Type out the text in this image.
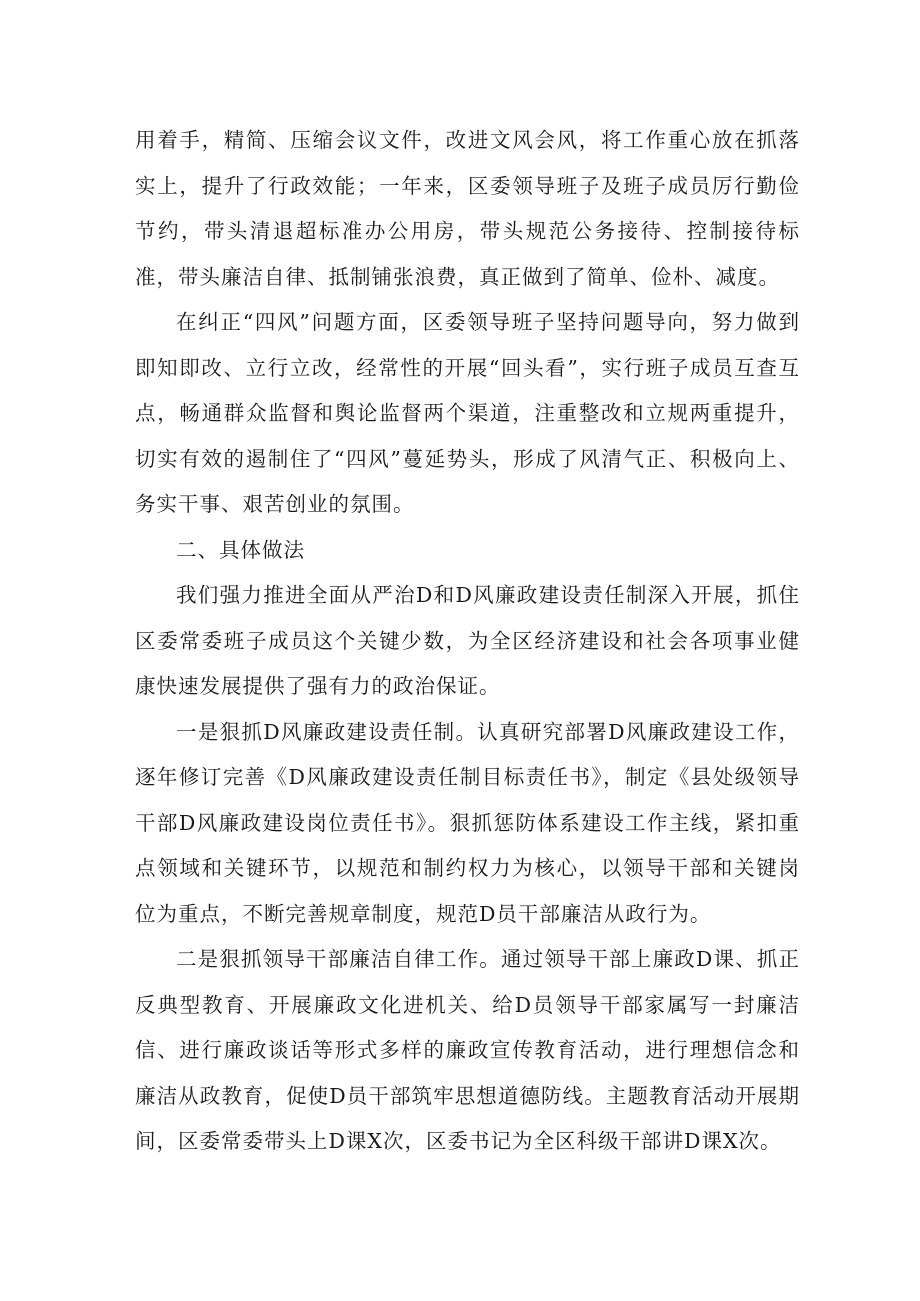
用着手，精简、压缩会议文件，改进文风会风，将工作重心放在抓落实上，提升了行政效能；一年来，区委领导班子及班子成员厉行勤俭节约，带头清退超标准办公用房，带头规范公务接待、控制接待标准，带头廉洁自律、抵制铺张浪费，真正做到了简单、俭朴、减度。

在纠正“四风”问题方面，区委领导班子坚持问题导向，努力做到即知即改、立行立改，经常性的开展“回头看”，实行班子成员互查互点，畅通群众监督和舆论监督两个渠道，注重整改和立规两重提升，切实有效的遏制住了“四风”蔓延势头，形成了风清气正、积极向上、务实干事、艰苦创业的氛围。

二、具体做法

我们强力推进全面从严治D和D风廉政建设责任制深入开展，抓住区委常委班子成员这个关键少数，为全区经济建设和社会各项事业健康快速发展提供了强有力的政治保证。

一是狠抓D风廉政建设责任制。认真研究部署D风廉政建设工作，逐年修订完善《D风廉政建设责任制目标责任书》，制定《县处级领导干部D风廉政建设岗位责任书》。狠抓惩防体系建设工作主线，紧扣重点领域和关键环节，以规范和制约权力为核心，以领导干部和关键岗位为重点，不断完善规章制度，规范D员干部廉洁从政行为。

二是狠抓领导干部廉洁自律工作。通过领导干部上廉政D课、抓正反典型教育、开展廉政文化进机关、给D员领导干部家属写一封廉洁信、进行廉政谈话等形式多样的廉政宣传教育活动，进行理想信念和廉洁从政教育，促使D员干部筑牢思想道德防线。主题教育活动开展期间，区委常委带头上D课X次，区委书记为全区科级干部讲D课X次。
